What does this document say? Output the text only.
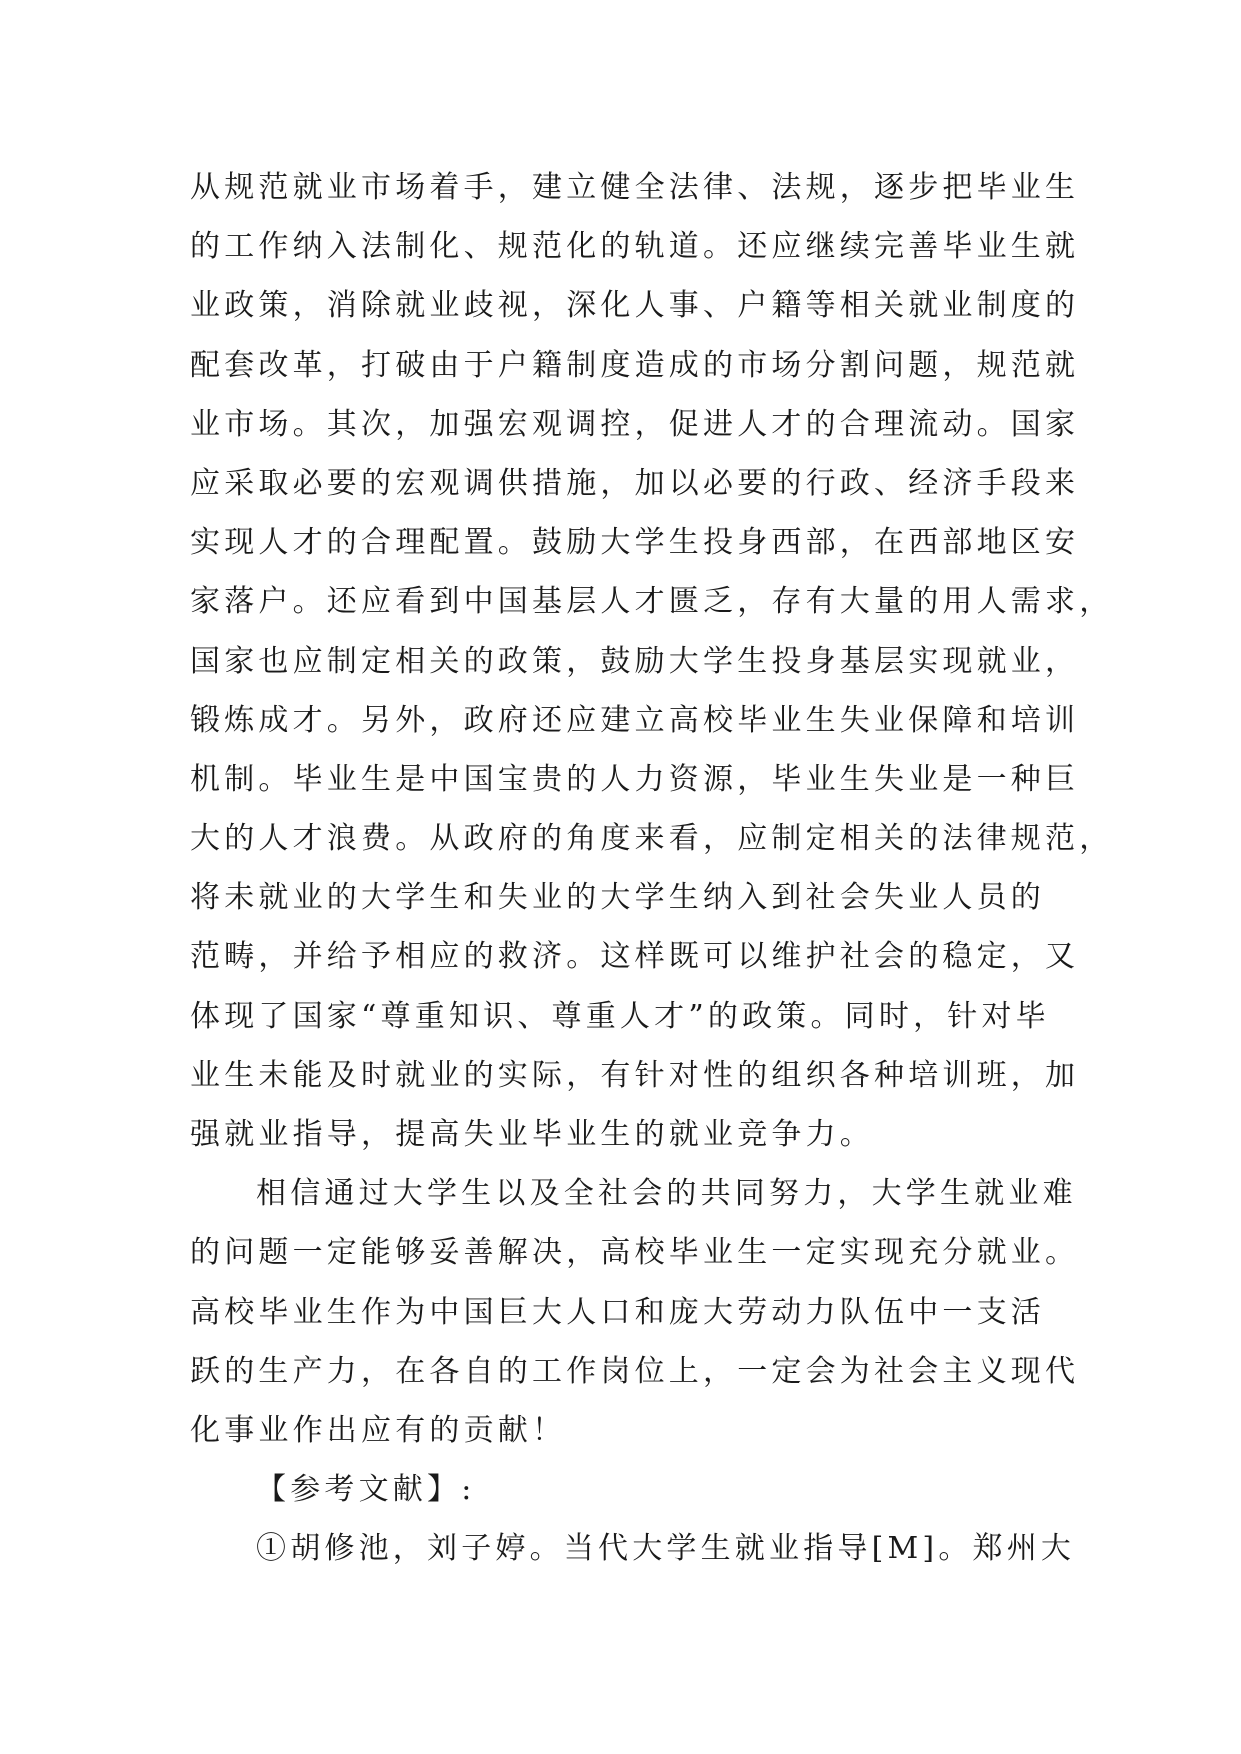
从规范就业市场着手，建立健全法律、法规，逐步把毕业生
的工作纳入法制化、规范化的轨道。还应继续完善毕业生就
业政策，消除就业歧视，深化人事、户籍等相关就业制度的
配套改革，打破由于户籍制度造成的市场分割问题，规范就
业市场。其次，加强宏观调控，促进人才的合理流动。国家
应采取必要的宏观调供措施，加以必要的行政、经济手段来
实现人才的合理配置。鼓励大学生投身西部，在西部地区安
家落户。还应看到中国基层人才匮乏，存有大量的用人需求，
国家也应制定相关的政策，鼓励大学生投身基层实现就业，
锻炼成才。另外，政府还应建立高校毕业生失业保障和培训
机制。毕业生是中国宝贵的人力资源，毕业生失业是一种巨
大的人才浪费。从政府的角度来看，应制定相关的法律规范，
将未就业的大学生和失业的大学生纳入到社会失业人员的
范畴，并给予相应的救济。这样既可以维护社会的稳定，又
体现了国家“尊重知识、尊重人才”的政策。同时，针对毕
业生未能及时就业的实际，有针对性的组织各种培训班，加
强就业指导，提高失业毕业生的就业竞争力。
相信通过大学生以及全社会的共同努力，大学生就业难
的问题一定能够妥善解决，高校毕业生一定实现充分就业。
高校毕业生作为中国巨大人口和庞大劳动力队伍中一支活
跃的生产力，在各自的工作岗位上，一定会为社会主义现代
化事业作出应有的贡献！
【参考文献】:
①胡修池，刘子婷。当代大学生就业指导[M]。郑州大
